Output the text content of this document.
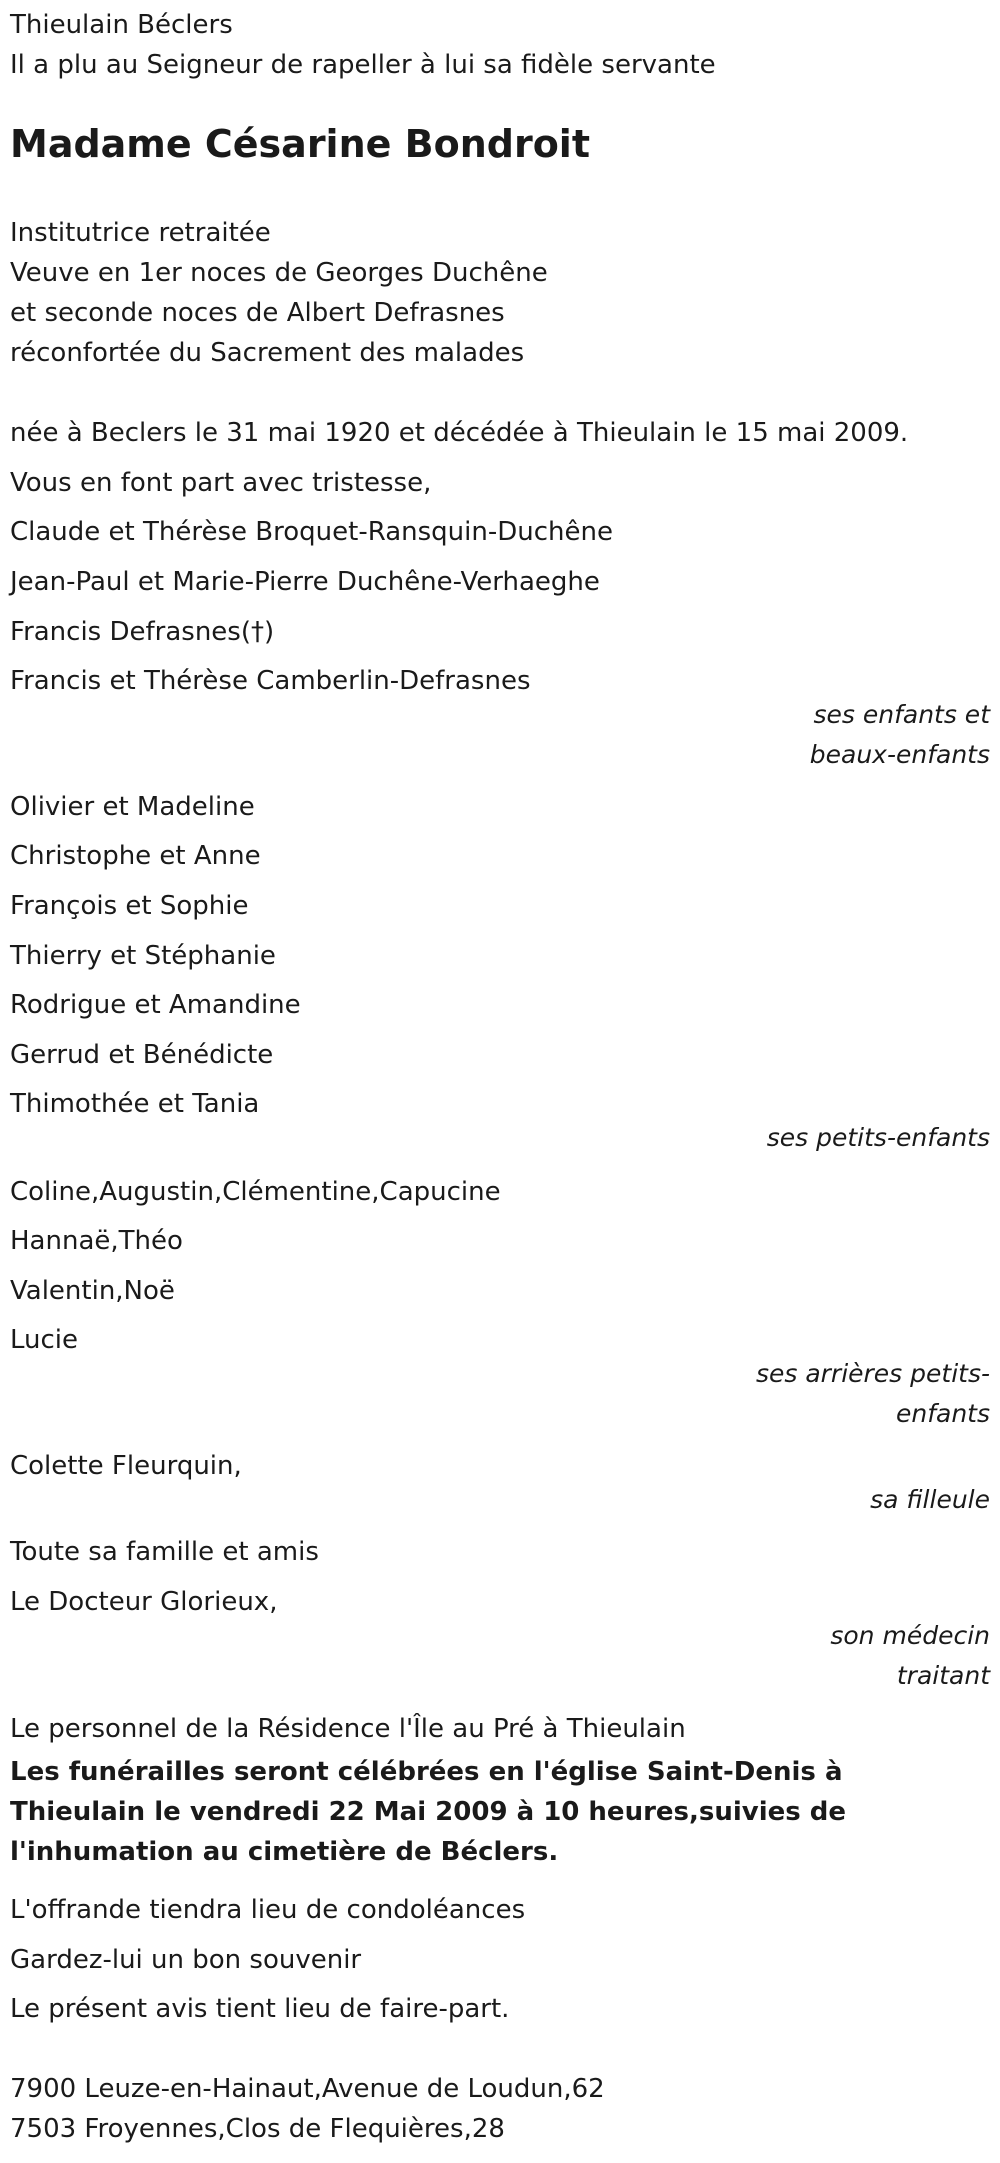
Thieulain Béclers

Il a plu au Seigneur de rapeller à lui sa fidèle servante

Madame Césarine Bondroit

Institutrice retraitée

Veuve en 1er noces de Georges Duchêne

et seconde noces de Albert Defrasnes

réconfortée du Sacrement des malades

née à Beclers le 31 mai 1920 et décédée à Thieulain le 15 mai 2009.

Vous en font part avec tristesse,

Claude et Thérèse Broquet-Ransquin-Duchêne

Jean-Paul et Marie-Pierre Duchêne-Verhaeghe

Francis Defrasnes(†)

Francis et Thérèse Camberlin-Defrasnes

ses enfants et

beaux-enfants

Olivier et Madeline

Christophe et Anne

François et Sophie

Thierry et Stéphanie

Rodrigue et Amandine

Gerrud et Bénédicte

Thimothée et Tania

ses petits-enfants

Coline,Augustin,Clémentine,Capucine

Hannaë,Théo

Valentin,Noë

Lucie

ses arrières petits-

enfants

Colette Fleurquin,

sa filleule

Toute sa famille et amis

Le Docteur Glorieux,

son médecin

traitant

Le personnel de la Résidence l'Île au Pré à Thieulain

Les funérailles seront célébrées en l'église Saint-Denis à Thieulain le vendredi 22 Mai 2009 à 10 heures,suivies de l'inhumation au cimetière de Béclers.

L'offrande tiendra lieu de condoléances

Gardez-lui un bon souvenir

Le présent avis tient lieu de faire-part.

7900 Leuze-en-Hainaut,Avenue de Loudun,62

7503 Froyennes,Clos de Flequières,28
